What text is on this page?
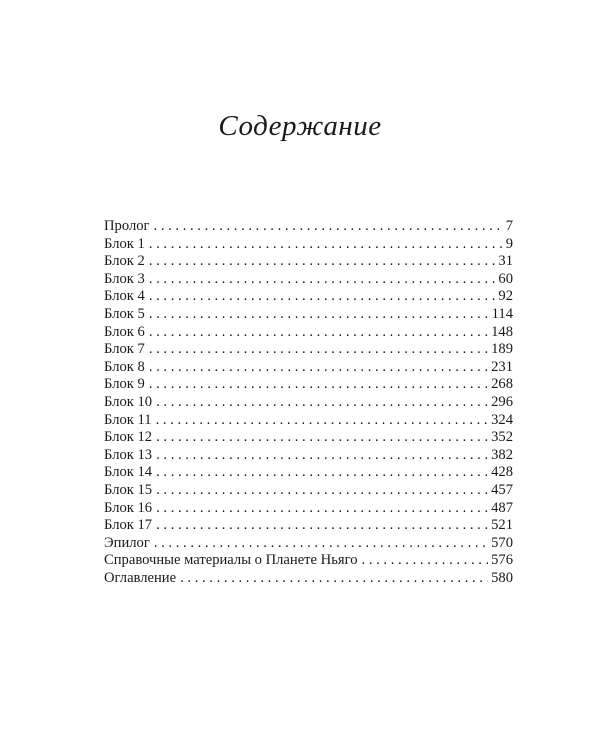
Содержание
Пролог . . .	7
Блок 1 . . .	9
Блок 2 . . .	31
Блок 3 . . .	60
Блок 4 . . .	92
Блок 5 . . .	114
Блок 6 . . .	148
Блок 7 . . .	189
Блок 8 . . .	231
Блок 9 . . .	268
Блок 10 . . .	296
Блок 11 . . .	324
Блок 12 . . .	352
Блок 13 . . .	382
Блок 14 . . .	428
Блок 15 . . .	457
Блок 16 . . .	487
Блок 17 . . .	521
Эпилог . . .	570
Справочные материалы о Планете Ньяго . . .	576
Оглавление . . .	580
